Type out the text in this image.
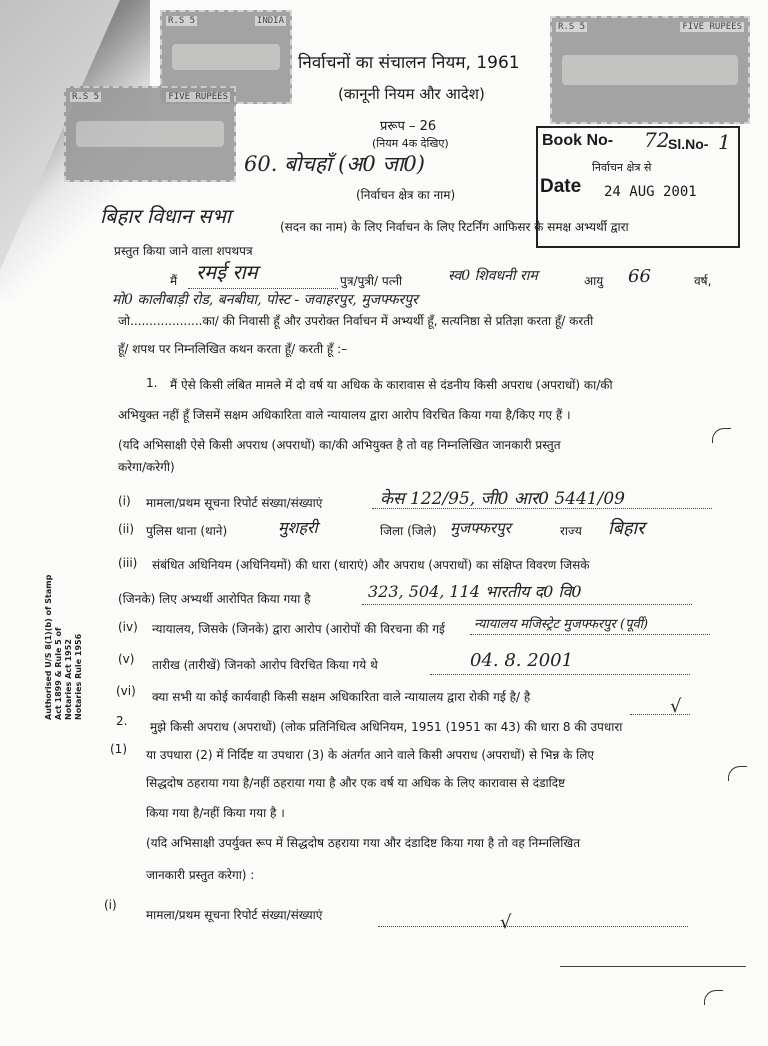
R.S 5	INDIA
R.S 5	FIVE RUPEES
R.S 5	FIVE RUPEES
निर्वाचनों का संचालन नियम, 1961
(कानूनी नियम और आदेश)
प्ररूप – 26
(नियम 4क देखिए)
60. बोचहाँ (अ0 जा0)
(निर्वाचन क्षेत्र का नाम)
Book No- 72
Sl.No- 1
निर्वाचन क्षेत्र से
Date 24 AUG 2001
बिहार विधान सभा	(सदन का नाम) के लिए निर्वाचन के लिए रिटर्निंग आफिसर के समक्ष अभ्यर्थी द्वारा
प्रस्तुत किया जाने वाला शपथपत्र
मैं रमई राम	पुत्र/पुत्री/ पत्नी	स्व0 शिवधनी राम	आयु 66	वर्ष,
मो0 कालीबाड़ी रोड, बनबीघा, पोस्ट - जवाहरपुर, मुजफ्फरपुर
जो...................का/ की निवासी हूँ और उपरोक्त निर्वाचन में अभ्यर्थी हूँ, सत्यनिष्ठा से प्रतिज्ञा करता हूँ/ करती
हूँ/ शपथ पर निम्नलिखित कथन करता हूँ/ करती हूँ :–
1. मैं ऐसे किसी लंबित मामले में दो वर्ष या अधिक के कारावास से दंडनीय किसी अपराध (अपराधों) का/की
अभियुक्त नहीं हूँ जिसमें सक्षम अधिकारिता वाले न्यायालय द्वारा आरोप विरचित किया गया है/किए गए हैं ।
(यदि अभिसाक्षी ऐसे किसी अपराध (अपराधों) का/की अभियुक्त है तो वह निम्नलिखित जानकारी प्रस्तुत
करेगा/करेगी)
(i) मामला/प्रथम सूचना रिपोर्ट संख्या/संख्याएं	केस 122/95, जी0 आर0 5441/09
(ii) पुलिस थाना (थाने)	मुशहरी	जिला (जिले) मुजफ्फरपुर	राज्य बिहार
(iii) संबंधित अधिनियम (अधिनियमों) की धारा (धाराएं) और अपराध (अपराधों) का संक्षिप्त विवरण जिसके
(जिनके) लिए अभ्यर्थी आरोपित किया गया है	323, 504, 114 भारतीय द0 वि0
(iv) न्यायालय, जिसके (जिनके) द्वारा आरोप (आरोपों की विरचना की गई न्यायालय मजिस्ट्रेट मुजफ्फरपुर (पूर्वी)
(v) तारीख (तारीखें) जिनको आरोप विरचित किया गये थे	04. 8. 2001
(vi) क्या सभी या कोई कार्यवाही किसी सक्षम अधिकारिता वाले न्यायालय द्वारा रोकी गई है/ है	√
2. मुझे किसी अपराध (अपराधों) (लोक प्रतिनिधित्व अधिनियम, 1951 (1951 का 43) की धारा 8 की उपधारा
(1) या उपधारा (2) में निर्दिष्ट या उपधारा (3) के अंतर्गत आने वाले किसी अपराध (अपराधों) से भिन्न के लिए
सिद्धदोष ठहराया गया है/नहीं ठहराया गया है और एक वर्ष या अधिक के लिए कारावास से दंडादिष्ट
किया गया है/नहीं किया गया है ।
(यदि अभिसाक्षी उपर्युक्त रूप में सिद्धदोष ठहराया गया और दंडादिष्ट किया गया है तो वह निम्नलिखित
जानकारी प्रस्तुत करेगा) :
(i)
मामला/प्रथम सूचना रिपोर्ट संख्या/संख्याएं	√
Authorised U/S 8(1)(b) of Stamp Act 1899 & Rule 5 of Notaries Act 1952 Notaries Rule 1956
